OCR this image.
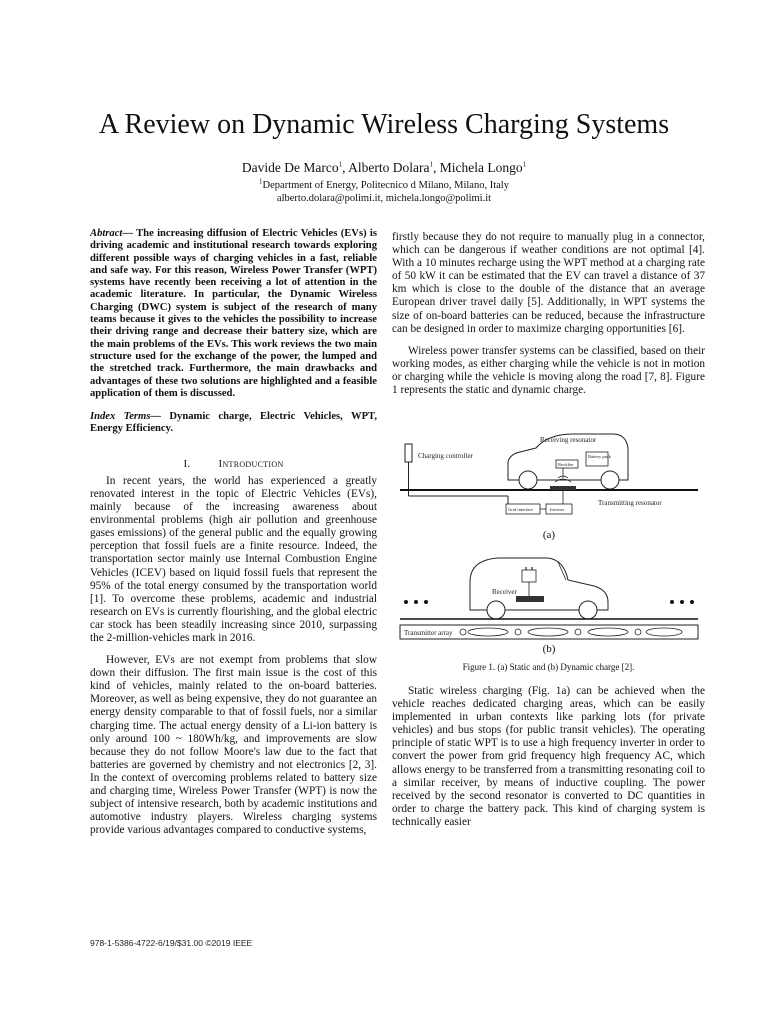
A Review on Dynamic Wireless Charging Systems
Davide De Marco$^1$, Alberto Dolara$^1$, Michela Longo$^1$
$^1$Department of Energy, Politecnico d Milano, Milano, Italy
alberto.dolara@polimi.it, michela.longo@polimi.it

Abtract— The increasing diffusion of Electric Vehicles (EVs) is driving academic and institutional research towards exploring different possible ways of charging vehicles in a fast, reliable and safe way. For this reason, Wireless Power Transfer (WPT) systems have recently been receiving a lot of attention in the academic literature. In particular, the Dynamic Wireless Charging (DWC) system is subject of the research of many teams because it gives to the vehicles the possibility to increase their driving range and decrease their battery size, which are the main problems of the EVs. This work reviews the two main structure used for the exchange of the power, the lumped and the stretched track. Furthermore, the main drawbacks and advantages of these two solutions are highlighted and a feasible application of them is discussed.

Index Terms— Dynamic charge, Electric Vehicles, WPT, Energy Efficiency.

I.	Introduction

In recent years, the world has experienced a greatly renovated interest in the topic of Electric Vehicles (EVs), mainly because of the increasing awareness about environmental problems (high air pollution and greenhouse gases emissions) of the general public and the equally growing perception that fossil fuels are a finite resource. Indeed, the transportation sector mainly use Internal Combustion Engine Vehicles (ICEV) based on liquid fossil fuels that represent the 95% of the total energy consumed by the transportation world [1]. To overcome these problems, academic and industrial research on EVs is currently flourishing, and the global electric car stock has been steadily increasing since 2010, surpassing the 2-million-vehicles mark in 2016.

However, EVs are not exempt from problems that slow down their diffusion. The first main issue is the cost of this kind of vehicles, mainly related to the on-board batteries. Moreover, as well as being expensive, they do not guarantee an energy density comparable to that of fossil fuels, nor a similar charging time. The actual energy density of a Li-ion battery is only around 100 ~ 180Wh/kg, and improvements are slow because they do not follow Moore's law due to the fact that batteries are governed by chemistry and not electronics [2, 3]. In the context of overcoming problems related to battery size and charging time, Wireless Power Transfer (WPT) is now the subject of intensive research, both by academic institutions and automotive industry players. Wireless charging systems provide various advantages compared to conductive systems,

firstly because they do not require to manually plug in a connector, which can be dangerous if weather conditions are not optimal [4]. With a 10 minutes recharge using the WPT method at a charging rate of 50 kW it can be estimated that the EV can travel a distance of 37 km which is close to the double of the distance that an average European driver travel daily [5]. Additionally, in WPT systems the size of on-board batteries can be reduced, because the infrastructure can be designed in order to maximize charging opportunities [6].

Wireless power transfer systems can be classified, based on their working modes, as either charging while the vehicle is not in motion or charging while the vehicle is moving along the road [7, 8]. Figure 1 represents the static and dynamic charge.

Charging controller
Receiving resonator
Battery pack
Rectifier
Transmitting resonator
Grid interface	Inverter
(a)
Receiver
Transmitter array
(b)
Figure 1. (a) Static and (b) Dynamic charge [2].

Static wireless charging (Fig. 1a) can be achieved when the vehicle reaches dedicated charging areas, which can be easily implemented in urban contexts like parking lots (for private vehicles) and bus stops (for public transit vehicles). The operating principle of static WPT is to use a high frequency inverter in order to convert the power from grid frequency high frequency AC, which allows energy to be transferred from a transmitting resonating coil to a similar receiver, by means of inductive coupling. The power received by the second resonator is converted to DC quantities in order to charge the battery pack. This kind of charging system is technically easier

978-1-5386-4722-6/19/$31.00 ©2019 IEEE
